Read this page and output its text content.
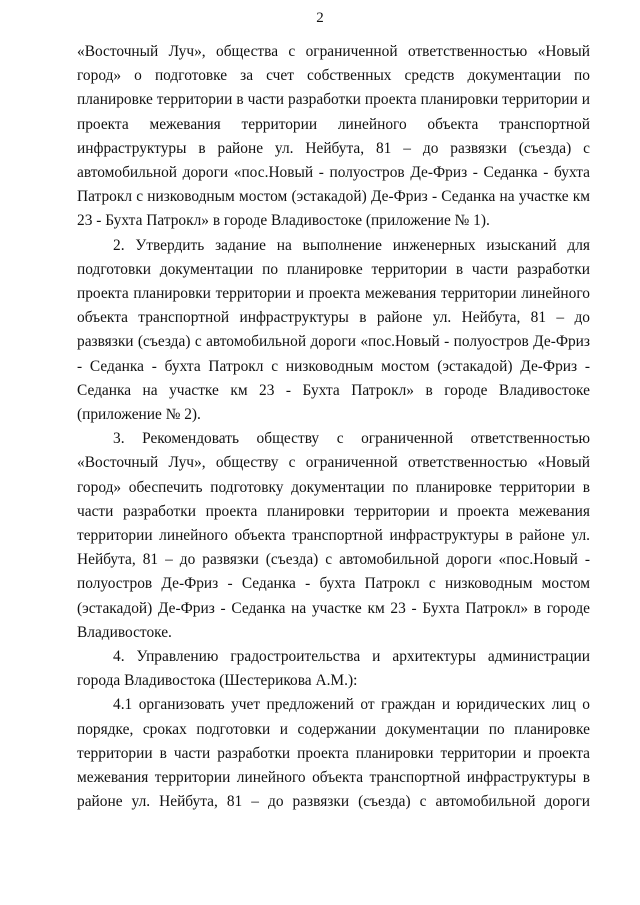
2

«Восточный Луч», общества с ограниченной ответственностью «Новый город» о подготовке за счет собственных средств документации по планировке территории в части разработки проекта планировки территории и проекта межевания территории линейного объекта транспортной инфраструктуры в районе ул. Нейбута, 81 – до развязки (съезда) с автомобильной дороги «пос.Новый - полуостров Де-Фриз - Седанка - бухта Патрокл с низководным мостом (эстакадой) Де-Фриз - Седанка на участке км 23 - Бухта Патрокл» в городе Владивостоке (приложение № 1).

2. Утвердить задание на выполнение инженерных изысканий для подготовки документации по планировке территории в части разработки проекта планировки территории и проекта межевания территории линейного объекта транспортной инфраструктуры в районе ул. Нейбута, 81 – до развязки (съезда) с автомобильной дороги «пос.Новый - полуостров Де-Фриз - Седанка - бухта Патрокл с низководным мостом (эстакадой) Де-Фриз - Седанка на участке км 23 - Бухта Патрокл» в городе Владивостоке (приложение № 2).

3. Рекомендовать обществу с ограниченной ответственностью «Восточный Луч», обществу с ограниченной ответственностью «Новый город» обеспечить подготовку документации по планировке территории в части разработки проекта планировки территории и проекта межевания территории линейного объекта транспортной инфраструктуры в районе ул. Нейбута, 81 – до развязки (съезда) с автомобильной дороги «пос.Новый - полуостров Де-Фриз - Седанка - бухта Патрокл с низководным мостом (эстакадой) Де-Фриз - Седанка на участке км 23 - Бухта Патрокл» в городе Владивостоке.

4. Управлению градостроительства и архитектуры администрации города Владивостока (Шестерикова А.М.):

4.1 организовать учет предложений от граждан и юридических лиц о порядке, сроках подготовки и содержании документации по планировке территории в части разработки проекта планировки территории и проекта межевания территории линейного объекта транспортной инфраструктуры в районе ул. Нейбута, 81 – до развязки (съезда) с автомобильной дороги
